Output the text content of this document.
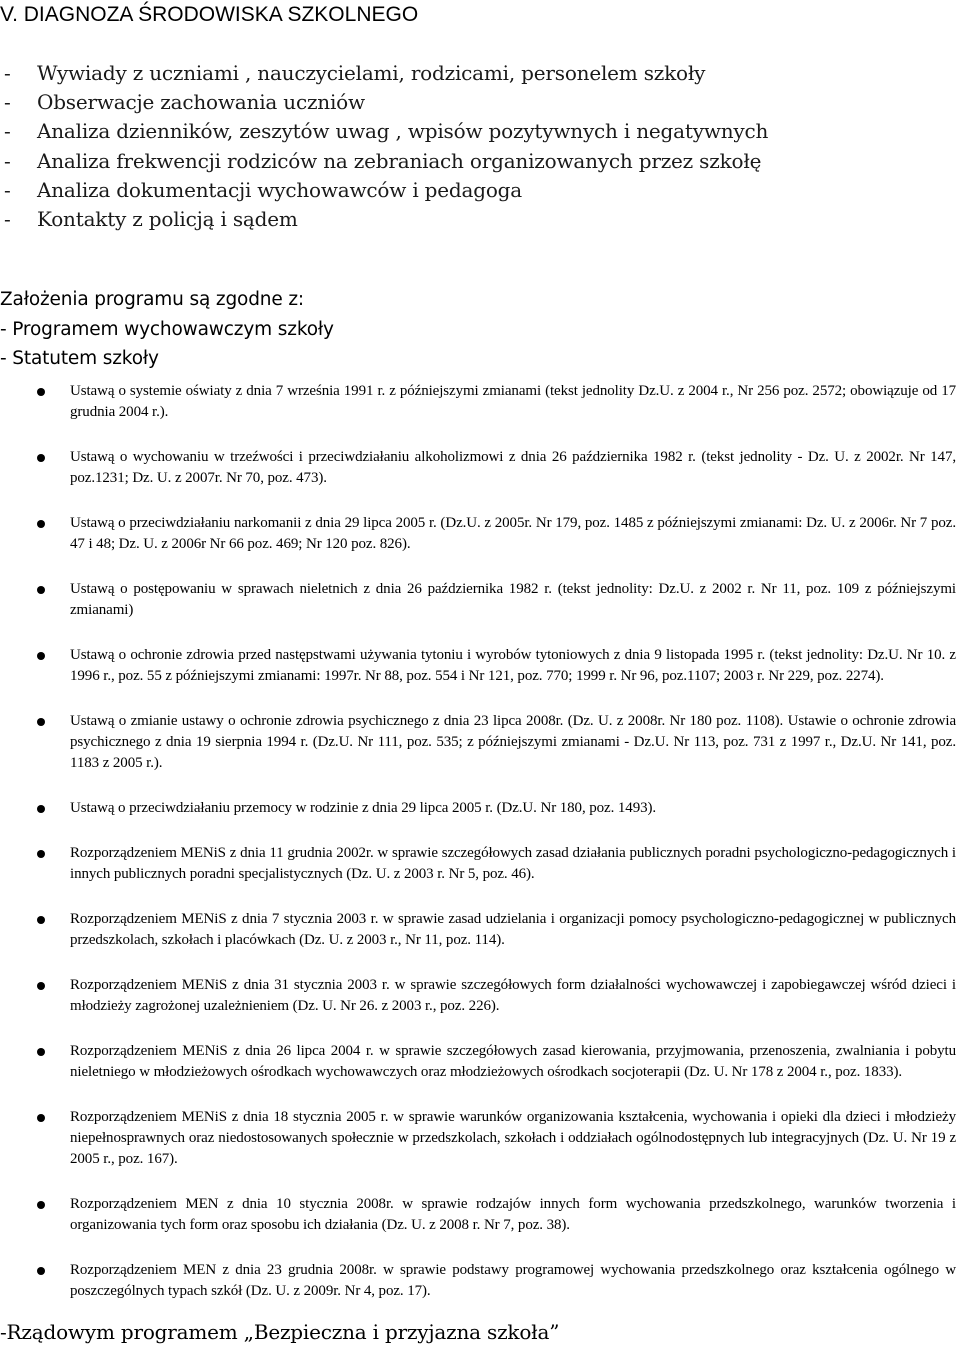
V. DIAGNOZA ŚRODOWISKA SZKOLNEGO
- Wywiady z uczniami , nauczycielami, rodzicami, personelem szkoły
- Obserwacje zachowania uczniów
- Analiza dzienników, zeszytów uwag , wpisów pozytywnych i negatywnych
- Analiza frekwencji rodziców na zebraniach organizowanych przez szkołę
- Analiza dokumentacji wychowawców i pedagoga
- Kontakty z policją i sądem
Założenia programu są zgodne z:
- Programem wychowawczym szkoły
- Statutem szkoły
Ustawą o systemie oświaty z dnia 7 września 1991 r. z późniejszymi zmianami (tekst jednolity Dz.U. z 2004 r., Nr 256 poz. 2572; obowiązuje od 17 grudnia 2004 r.).
Ustawą o wychowaniu w trzeźwości i przeciwdziałaniu alkoholizmowi z dnia 26 października 1982 r. (tekst jednolity - Dz. U. z 2002r. Nr 147, poz.1231; Dz. U. z 2007r. Nr 70, poz. 473).
Ustawą o przeciwdziałaniu narkomanii z dnia 29 lipca 2005 r. (Dz.U. z 2005r. Nr 179, poz. 1485 z późniejszymi zmianami: Dz. U. z 2006r. Nr 7 poz. 47 i 48; Dz. U. z 2006r Nr 66 poz. 469; Nr 120 poz. 826).
Ustawą o postępowaniu w sprawach nieletnich z dnia 26 października 1982 r. (tekst jednolity: Dz.U. z 2002 r. Nr 11, poz. 109 z późniejszymi zmianami)
Ustawą o ochronie zdrowia przed następstwami używania tytoniu i wyrobów tytoniowych z dnia 9 listopada 1995 r. (tekst jednolity: Dz.U. Nr 10. z 1996 r., poz. 55 z późniejszymi zmianami: 1997r. Nr 88, poz. 554 i Nr 121, poz. 770; 1999 r. Nr 96, poz.1107; 2003 r. Nr 229, poz. 2274).
Ustawą o zmianie ustawy o ochronie zdrowia psychicznego z dnia 23 lipca 2008r. (Dz. U. z 2008r. Nr 180 poz. 1108). Ustawie o ochronie zdrowia psychicznego z dnia 19 sierpnia 1994 r. (Dz.U. Nr 111, poz. 535; z późniejszymi zmianami - Dz.U. Nr 113, poz. 731 z 1997 r., Dz.U. Nr 141, poz. 1183 z 2005 r.).
Ustawą o przeciwdziałaniu przemocy w rodzinie z dnia 29 lipca 2005 r. (Dz.U. Nr 180, poz. 1493).
Rozporządzeniem MENiS z dnia 11 grudnia 2002r. w sprawie szczegółowych zasad działania publicznych poradni psychologiczno-pedagogicznych i innych publicznych poradni specjalistycznych (Dz. U. z 2003 r. Nr 5, poz. 46).
Rozporządzeniem MENiS z dnia 7 stycznia 2003 r. w sprawie zasad udzielania i organizacji pomocy psychologiczno-pedagogicznej w publicznych przedszkolach, szkołach i placówkach (Dz. U. z 2003 r., Nr 11, poz. 114).
Rozporządzeniem MENiS z dnia 31 stycznia 2003 r. w sprawie szczegółowych form działalności wychowawczej i zapobiegawczej wśród dzieci i młodzieży zagrożonej uzależnieniem (Dz. U. Nr 26. z 2003 r., poz. 226).
Rozporządzeniem MENiS z dnia 26 lipca 2004 r. w sprawie szczegółowych zasad kierowania, przyjmowania, przenoszenia, zwalniania i pobytu nieletniego w młodzieżowych ośrodkach wychowawczych oraz młodzieżowych ośrodkach socjoterapii (Dz. U. Nr 178 z 2004 r., poz. 1833).
Rozporządzeniem MENiS z dnia 18 stycznia 2005 r. w sprawie warunków organizowania kształcenia, wychowania i opieki dla dzieci i młodzieży niepełnosprawnych oraz niedostosowanych społecznie w przedszkolach, szkołach i oddziałach ogólnodostępnych lub integracyjnych (Dz. U. Nr 19 z 2005 r., poz. 167).
Rozporządzeniem MEN z dnia 10 stycznia 2008r. w sprawie rodzajów innych form wychowania przedszkolnego, warunków tworzenia i organizowania tych form oraz sposobu ich działania (Dz. U. z 2008 r. Nr 7, poz. 38).
Rozporządzeniem MEN z dnia 23 grudnia 2008r. w sprawie podstawy programowej wychowania przedszkolnego oraz kształcenia ogólnego w poszczególnych typach szkół (Dz. U. z 2009r. Nr 4, poz. 17).
-Rządowym programem „Bezpieczna i przyjazna szkoła”
